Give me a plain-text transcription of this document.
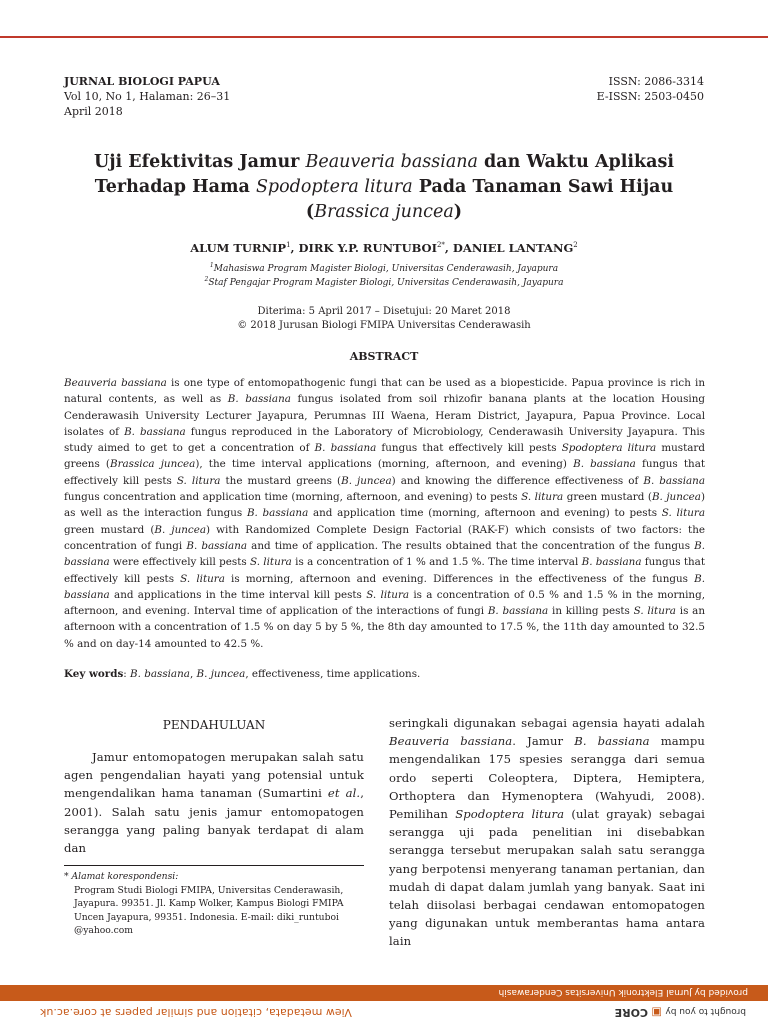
JURNAL BIOLOGI PAPUA
Vol 10, No 1, Halaman: 26–31
April 2018
ISSN: 2086-3314
E-ISSN: 2503-0450
Uji Efektivitas Jamur Beauveria bassiana dan Waktu Aplikasi
Terhadap Hama Spodoptera litura Pada Tanaman Sawi Hijau
(Brassica juncea)
ALUM TURNIP$^1$, DIRK Y.P. $RUNTUBOI^{2*}$, DANIEL LANTANG$^2$
$^1$Mahasiswa Program Magister Biologi, Universitas Cenderawasih, Jayapura
$^2$Staf Pengajar Program Magister Biologi, Universitas Cenderawasih, Jayapura
Diterima: 5 April 2017 – Disetujui: 20 Maret 2018
© 2018 Jurusan Biologi FMIPA Universitas Cenderawasih
ABSTRACT
Beauveria bassiana is one type of entomopathogenic fungi that can be used as a biopesticide. Papua province is rich in natural contents, as well as B. bassiana fungus isolated from soil rhizofir banana plants at the location Housing Cenderawasih University Lecturer Jayapura, Perumnas III Waena, Heram District, Jayapura, Papua Province. Local isolates of B. bassiana fungus reproduced in the Laboratory of Microbiology, Cenderawasih University Jayapura. This study aimed to get to get a concentration of B. bassiana fungus that effectively kill pests Spodoptera litura mustard greens (Brassica juncea), the time interval applications (morning, afternoon, and evening) B. bassiana fungus that effectively kill pests S. litura the mustard greens (B. juncea) and knowing the difference effectiveness of B. bassiana fungus concentration and application time (morning, afternoon, and evening) to pests S. litura green mustard (B. juncea) as well as the interaction fungus B. bassiana and application time (morning, afternoon and evening) to pests S. litura green mustard (B. juncea) with Randomized Complete Design Factorial (RAK-F) which consists of two factors: the concentration of fungi B. bassiana and time of application. The results obtained that the concentration of the fungus B. bassiana were effectively kill pests S. litura is a concentration of 1 % and 1.5 %. The time interval B. bassiana fungus that effectively kill pests S. litura is morning, afternoon and evening. Differences in the effectiveness of the fungus B. bassiana and applications in the time interval kill pests S. litura is a concentration of 0.5 % and 1.5 % in the morning, afternoon, and evening. Interval time of application of the interactions of fungi B. bassiana in killing pests S. litura is an afternoon with a concentration of 1.5 % on day 5 by 5 %, the 8th day amounted to 17.5 %, the 11th day amounted to 32.5 % and on day-14 amounted to 42.5 %.
Key words: B. bassiana, B. juncea, effectiveness, time applications.
PENDAHULUAN
Jamur entomopatogen merupakan salah satu agen pengendalian hayati yang potensial untuk mengendalikan hama tanaman (Sumartini et al., 2001). Salah satu jenis jamur entomopatogen serangga yang paling banyak terdapat di alam dan
seringkali digunakan sebagai agensia hayati adalah Beauveria bassiana. Jamur B. bassiana mampu mengendalikan 175 spesies serangga dari semua ordo seperti Coleoptera, Diptera, Hemiptera, Orthoptera dan Hymenoptera (Wahyudi, 2008). Pemilihan Spodoptera litura (ulat grayak) sebagai serangga uji pada penelitian ini disebabkan serangga tersebut merupakan salah satu serangga yang berpotensi menyerang tanaman pertanian, dan mudah di dapat dalam jumlah yang banyak. Saat ini telah diisolasi berbagai cendawan entomopatogen yang digunakan untuk memberantas hama antara lain
* Alamat korespondensi:
Program Studi Biologi FMIPA, Universitas Cenderawasih, Jayapura. 99351. Jl. Kamp Wolker, Kampus Biologi FMIPA Uncen Jayapura, 99351. Indonesia. E-mail: diki_runtuboi @yahoo.com
provided by Jurnal Elektronik Universitas Cenderawasih
brought to you by ▣ CORE
View metadata, citation and similar papers at core.ac.uk
